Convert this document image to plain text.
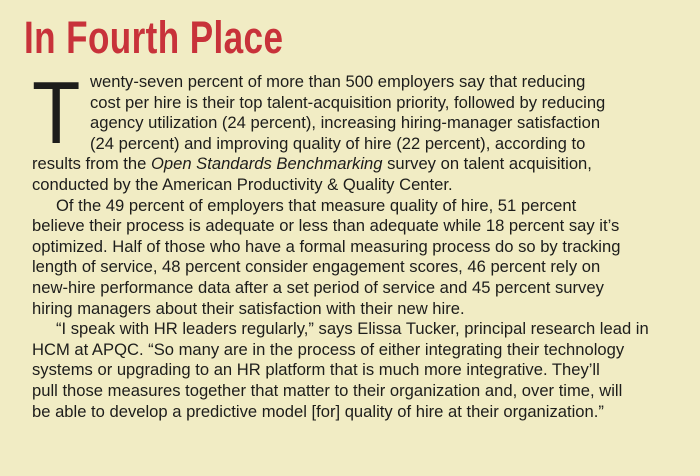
In Fourth Place
T wenty-seven percent of more than 500 employers say that reducing
cost per hire is their top talent-acquisition priority, followed by reducing
agency utilization (24 percent), increasing hiring-manager satisfaction
(24 percent) and improving quality of hire (22 percent), according to
results from the Open Standards Benchmarking survey on talent acquisition,
conducted by the American Productivity & Quality Center.
Of the 49 percent of employers that measure quality of hire, 51 percent
believe their process is adequate or less than adequate while 18 percent say it’s
optimized. Half of those who have a formal measuring process do so by tracking
length of service, 48 percent consider engagement scores, 46 percent rely on
new-hire performance data after a set period of service and 45 percent survey
hiring managers about their satisfaction with their new hire.
“I speak with HR leaders regularly,” says Elissa Tucker, principal research lead in
HCM at APQC. “So many are in the process of either integrating their technology
systems or upgrading to an HR platform that is much more integrative. They’ll
pull those measures together that matter to their organization and, over time, will
be able to develop a predictive model [for] quality of hire at their organization.”
